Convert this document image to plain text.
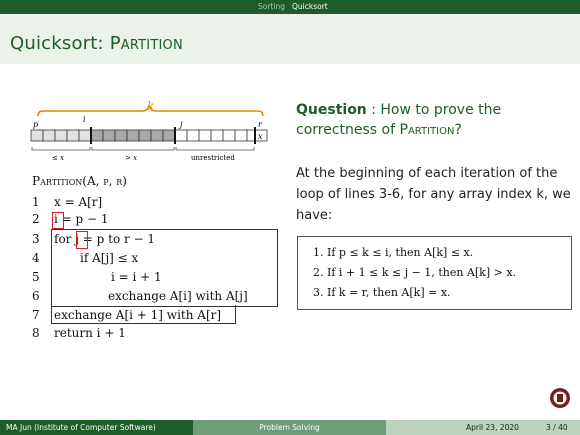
Sorting Quicksort
Quicksort: Partition
k
p
i
j	r
x
≤ x	> x	unrestricted
Partition(A, p, r)
1 x = A[r]
2 i = p − 1
3 for j = p to r − 1
4	if A[j] ≤ x
5	i = i + 1
6	exchange A[i] with A[j]
7 exchange A[i + 1] with A[r]
8 return i + 1
Question : How to prove the correctness of Partition?
At the beginning of each iteration of the loop of lines 3-6, for any array index k, we have:
1. If p ≤ k ≤ i, then A[k] ≤ x.
2. If i + 1 ≤ k ≤ j − 1, then A[k] > x.
3. If k = r, then A[k] = x.
MA Jun (Institute of Computer Software)	Problem Solving	April 23, 2020	3 / 40
